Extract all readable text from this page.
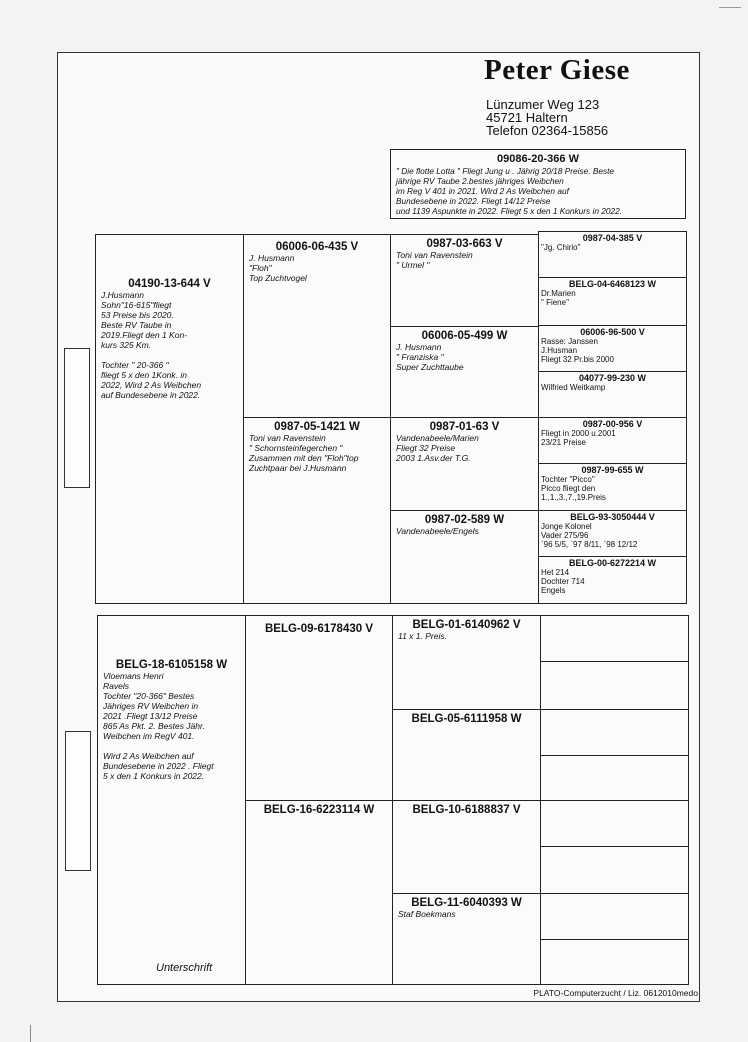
Peter Giese
Lünzumer Weg 123
45721 Haltern
Telefon 02364-15856
09086-20-366 W
" Die flotte Lotta " Fliegt Jung u . Jährig 20/18 Preise. Beste
jährige RV Taube 2.bestes jähriges Weibchen
im Reg V 401 in 2021. Wird 2 As Weibchen auf
Bundesebene in 2022. Fliegt 14/12 Preise
und 1139 Aspunkte in 2022. Fliegt 5 x den 1 Konkurs in 2022.
04190-13-644 V
J.Husmann
Sohn"16-615"fliegt
53 Preise bis 2020.
Beste RV Taube in
2019.Fliegt den 1 Kon-
kurs 325 Km.

Tochter " 20-366 "
fliegt 5 x den 1Konk. in
2022, Wird 2 As Weibchen
auf Bundesebene in 2022.
06006-06-435 V
J. Husmann
"Floh"
Top Zuchtvogel
0987-05-1421 W
Toni van Ravenstein
" Schornsteinfegerchen "
Zusammen mit den "Floh"top
Zuchtpaar bei J.Husmann
0987-03-663 V
Toni van Ravenstein
" Urmel "
06006-05-499 W
J. Husmann
" Franziska "
Super Zuchttaube
0987-01-63 V
Vandenabeele/Marien
Fliegt 32 Preise
2003 1.Asv.der T.G.
0987-02-589 W
Vandenabeele/Engels
0987-04-385 V
"Jg. Chirio"
BELG-04-6468123 W
Dr.Marien
" Fiene"
06006-96-500 V
Rasse: Janssen
J.Husman
Fliegt 32 Pr.bis 2000
04077-99-230 W
Wilfried Weitkamp
0987-00-956 V
Fliegt in 2000 u.2001
23/21 Preise
0987-99-655 W
Tochter "Picco"
Picco fliegt den
1.,1.,3.,7.,19.Preis
BELG-93-3050444 V
Jonge Kolonel
Vader 275/96
`96 5/5, `97 8/11, `98 12/12
BELG-00-6272214 W
Het 214
Dochter 714
Engels
BELG-18-6105158 W
Vloemans Henri
Ravels
Tochter "20-366" Bestes
Jähriges RV Weibchen in
2021 .Fliegt 13/12 Preise
865 As Pkt. 2. Bestes Jähr.
Weibchen im RegV 401.

Wird 2 As Weibchen auf
Bundesebene in 2022 . Fliegt
5 x den 1 Konkurs in 2022.
Unterschrift
BELG-09-6178430 V
BELG-16-6223114 W
BELG-01-6140962 V
11 x 1. Preis.
BELG-05-6111958 W
BELG-10-6188837 V
BELG-11-6040393 W
Staf Boekmans
PLATO-Computerzucht / Liz. 0612010medo
